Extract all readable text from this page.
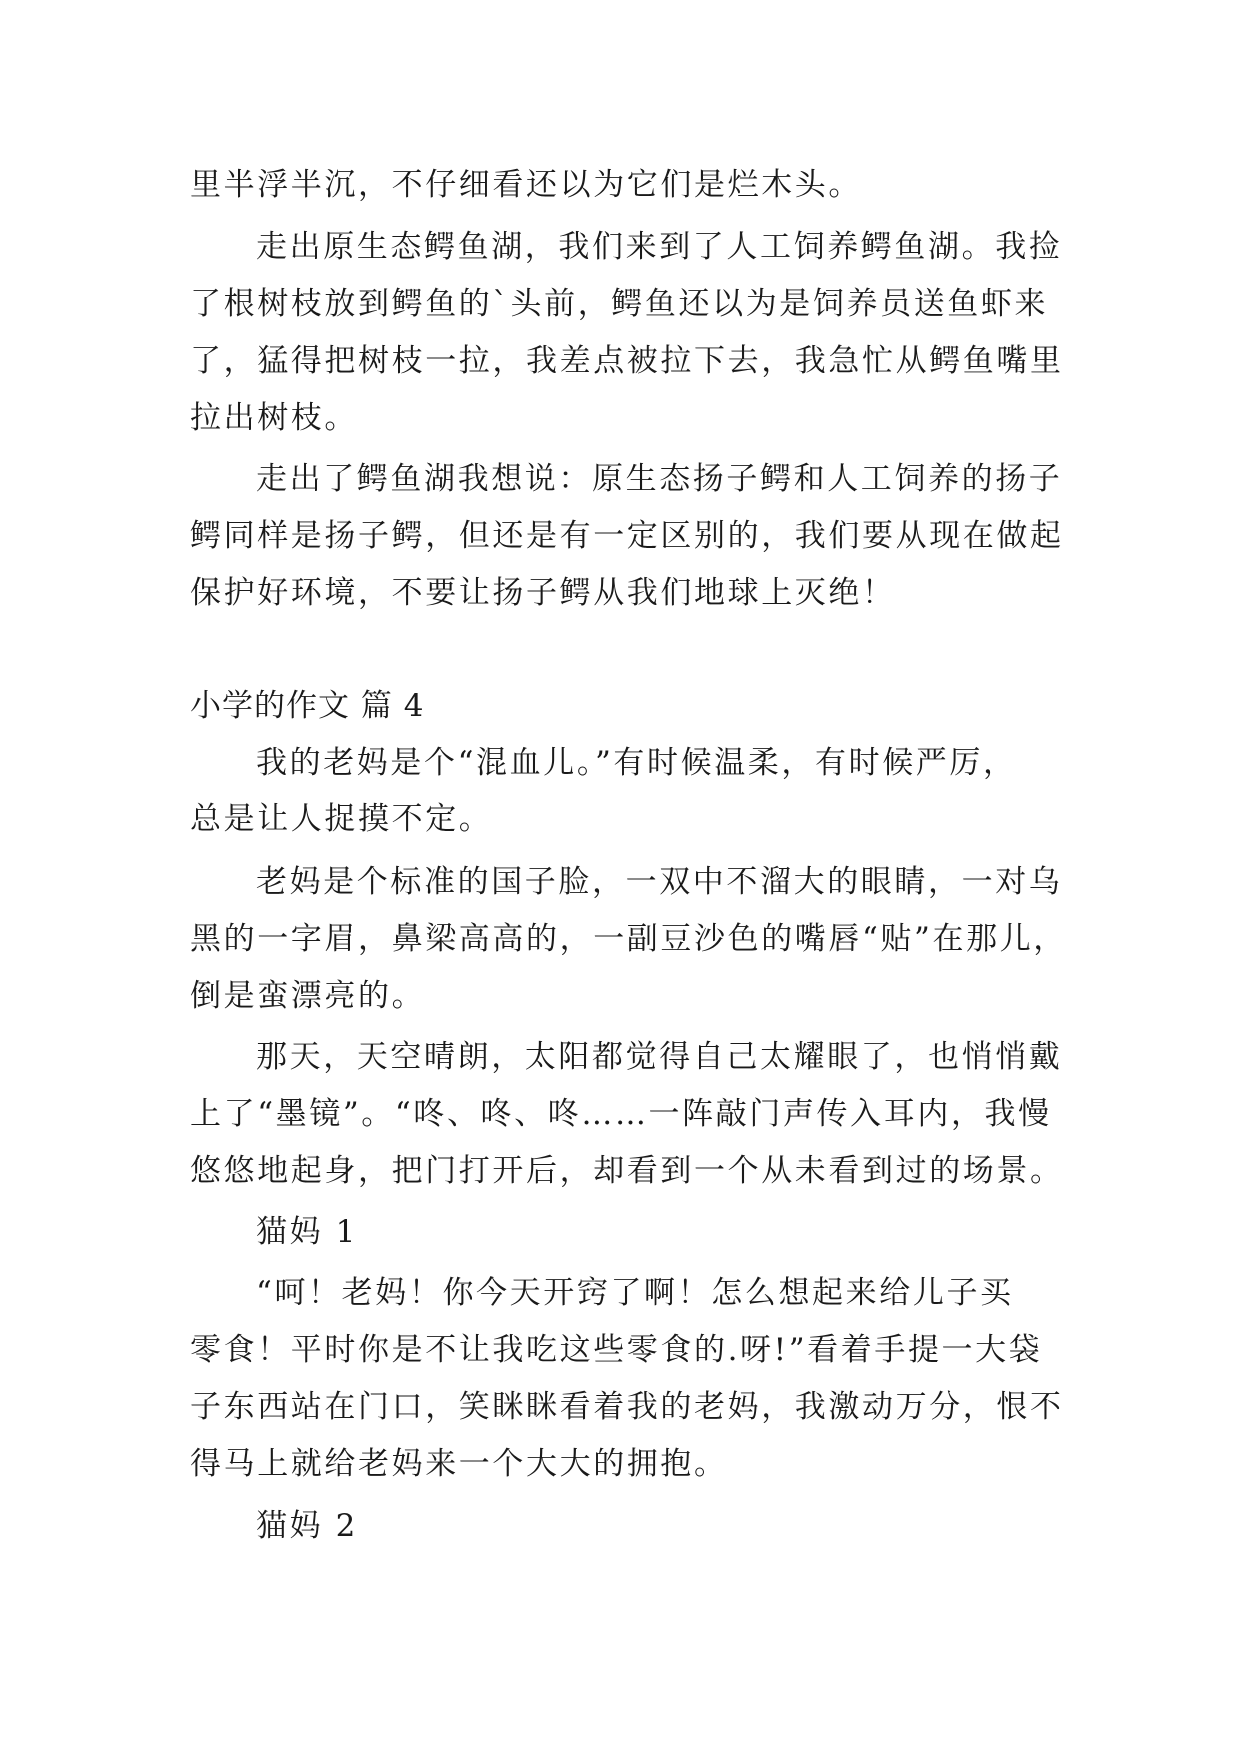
里半浮半沉，不仔细看还以为它们是烂木头。
走出原生态鳄鱼湖，我们来到了人工饲养鳄鱼湖。我捡
了根树枝放到鳄鱼的`头前，鳄鱼还以为是饲养员送鱼虾来
了，猛得把树枝一拉，我差点被拉下去，我急忙从鳄鱼嘴里
拉出树枝。
走出了鳄鱼湖我想说：原生态扬子鳄和人工饲养的扬子
鳄同样是扬子鳄，但还是有一定区别的，我们要从现在做起
保护好环境，不要让扬子鳄从我们地球上灭绝！
小学的作文 篇 4
我的老妈是个“混血儿。”有时候温柔，有时候严厉，
总是让人捉摸不定。
老妈是个标准的国子脸，一双中不溜大的眼睛，一对乌
黑的一字眉，鼻梁高高的，一副豆沙色的嘴唇“贴”在那儿，
倒是蛮漂亮的。
那天，天空晴朗，太阳都觉得自己太耀眼了，也悄悄戴
上了“墨镜”。“咚、咚、咚……一阵敲门声传入耳内，我慢
悠悠地起身，把门打开后，却看到一个从未看到过的场景。
猫妈 1
“呵！老妈！你今天开窍了啊！怎么想起来给儿子买
零食！平时你是不让我吃这些零食的.呀!”看着手提一大袋
子东西站在门口，笑眯眯看着我的老妈，我激动万分，恨不
得马上就给老妈来一个大大的拥抱。
猫妈 2
